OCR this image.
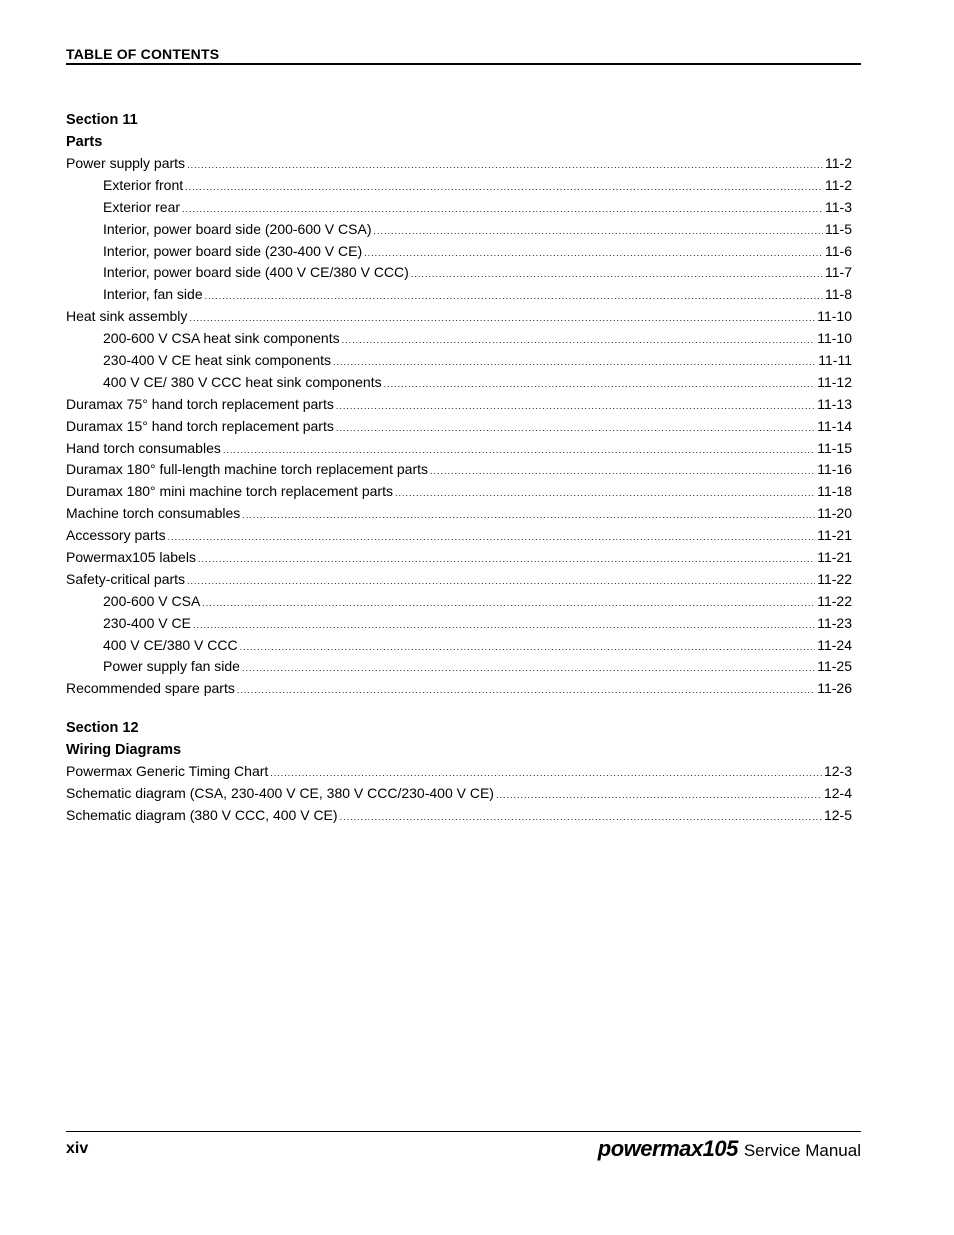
TABLE OF CONTENTS
Section 11
Parts
Power supply parts .....	11-2
Exterior front .....	11-2
Exterior rear .....	11-3
Interior, power board side (200-600 V CSA) .....	11-5
Interior, power board side (230-400 V CE) .....	11-6
Interior, power board side (400 V CE/380 V CCC) .....	11-7
Interior, fan side .....	11-8
Heat sink assembly .....	11-10
200-600 V CSA heat sink components .....	11-10
230-400 V CE heat sink components .....	11-11
400 V CE/ 380 V CCC heat sink components .....	11-12
Duramax 75° hand torch replacement parts .....	11-13
Duramax 15° hand torch replacement parts .....	11-14
Hand torch consumables .....	11-15
Duramax 180° full-length machine torch replacement parts .....	11-16
Duramax 180° mini machine torch replacement parts .....	11-18
Machine torch consumables .....	11-20
Accessory parts .....	11-21
Powermax105 labels .....	11-21
Safety-critical parts .....	11-22
200-600 V CSA .....	11-22
230-400 V CE .....	11-23
400 V CE/380 V CCC .....	11-24
Power supply fan side .....	11-25
Recommended spare parts .....	11-26
Section 12
Wiring Diagrams
Powermax Generic Timing Chart .....	12-3
Schematic diagram (CSA, 230-400 V CE, 380 V CCC/230-400 V CE) .....	12-4
Schematic diagram (380 V CCC, 400 V CE) .....	12-5
xiv	powermax105 Service Manual
